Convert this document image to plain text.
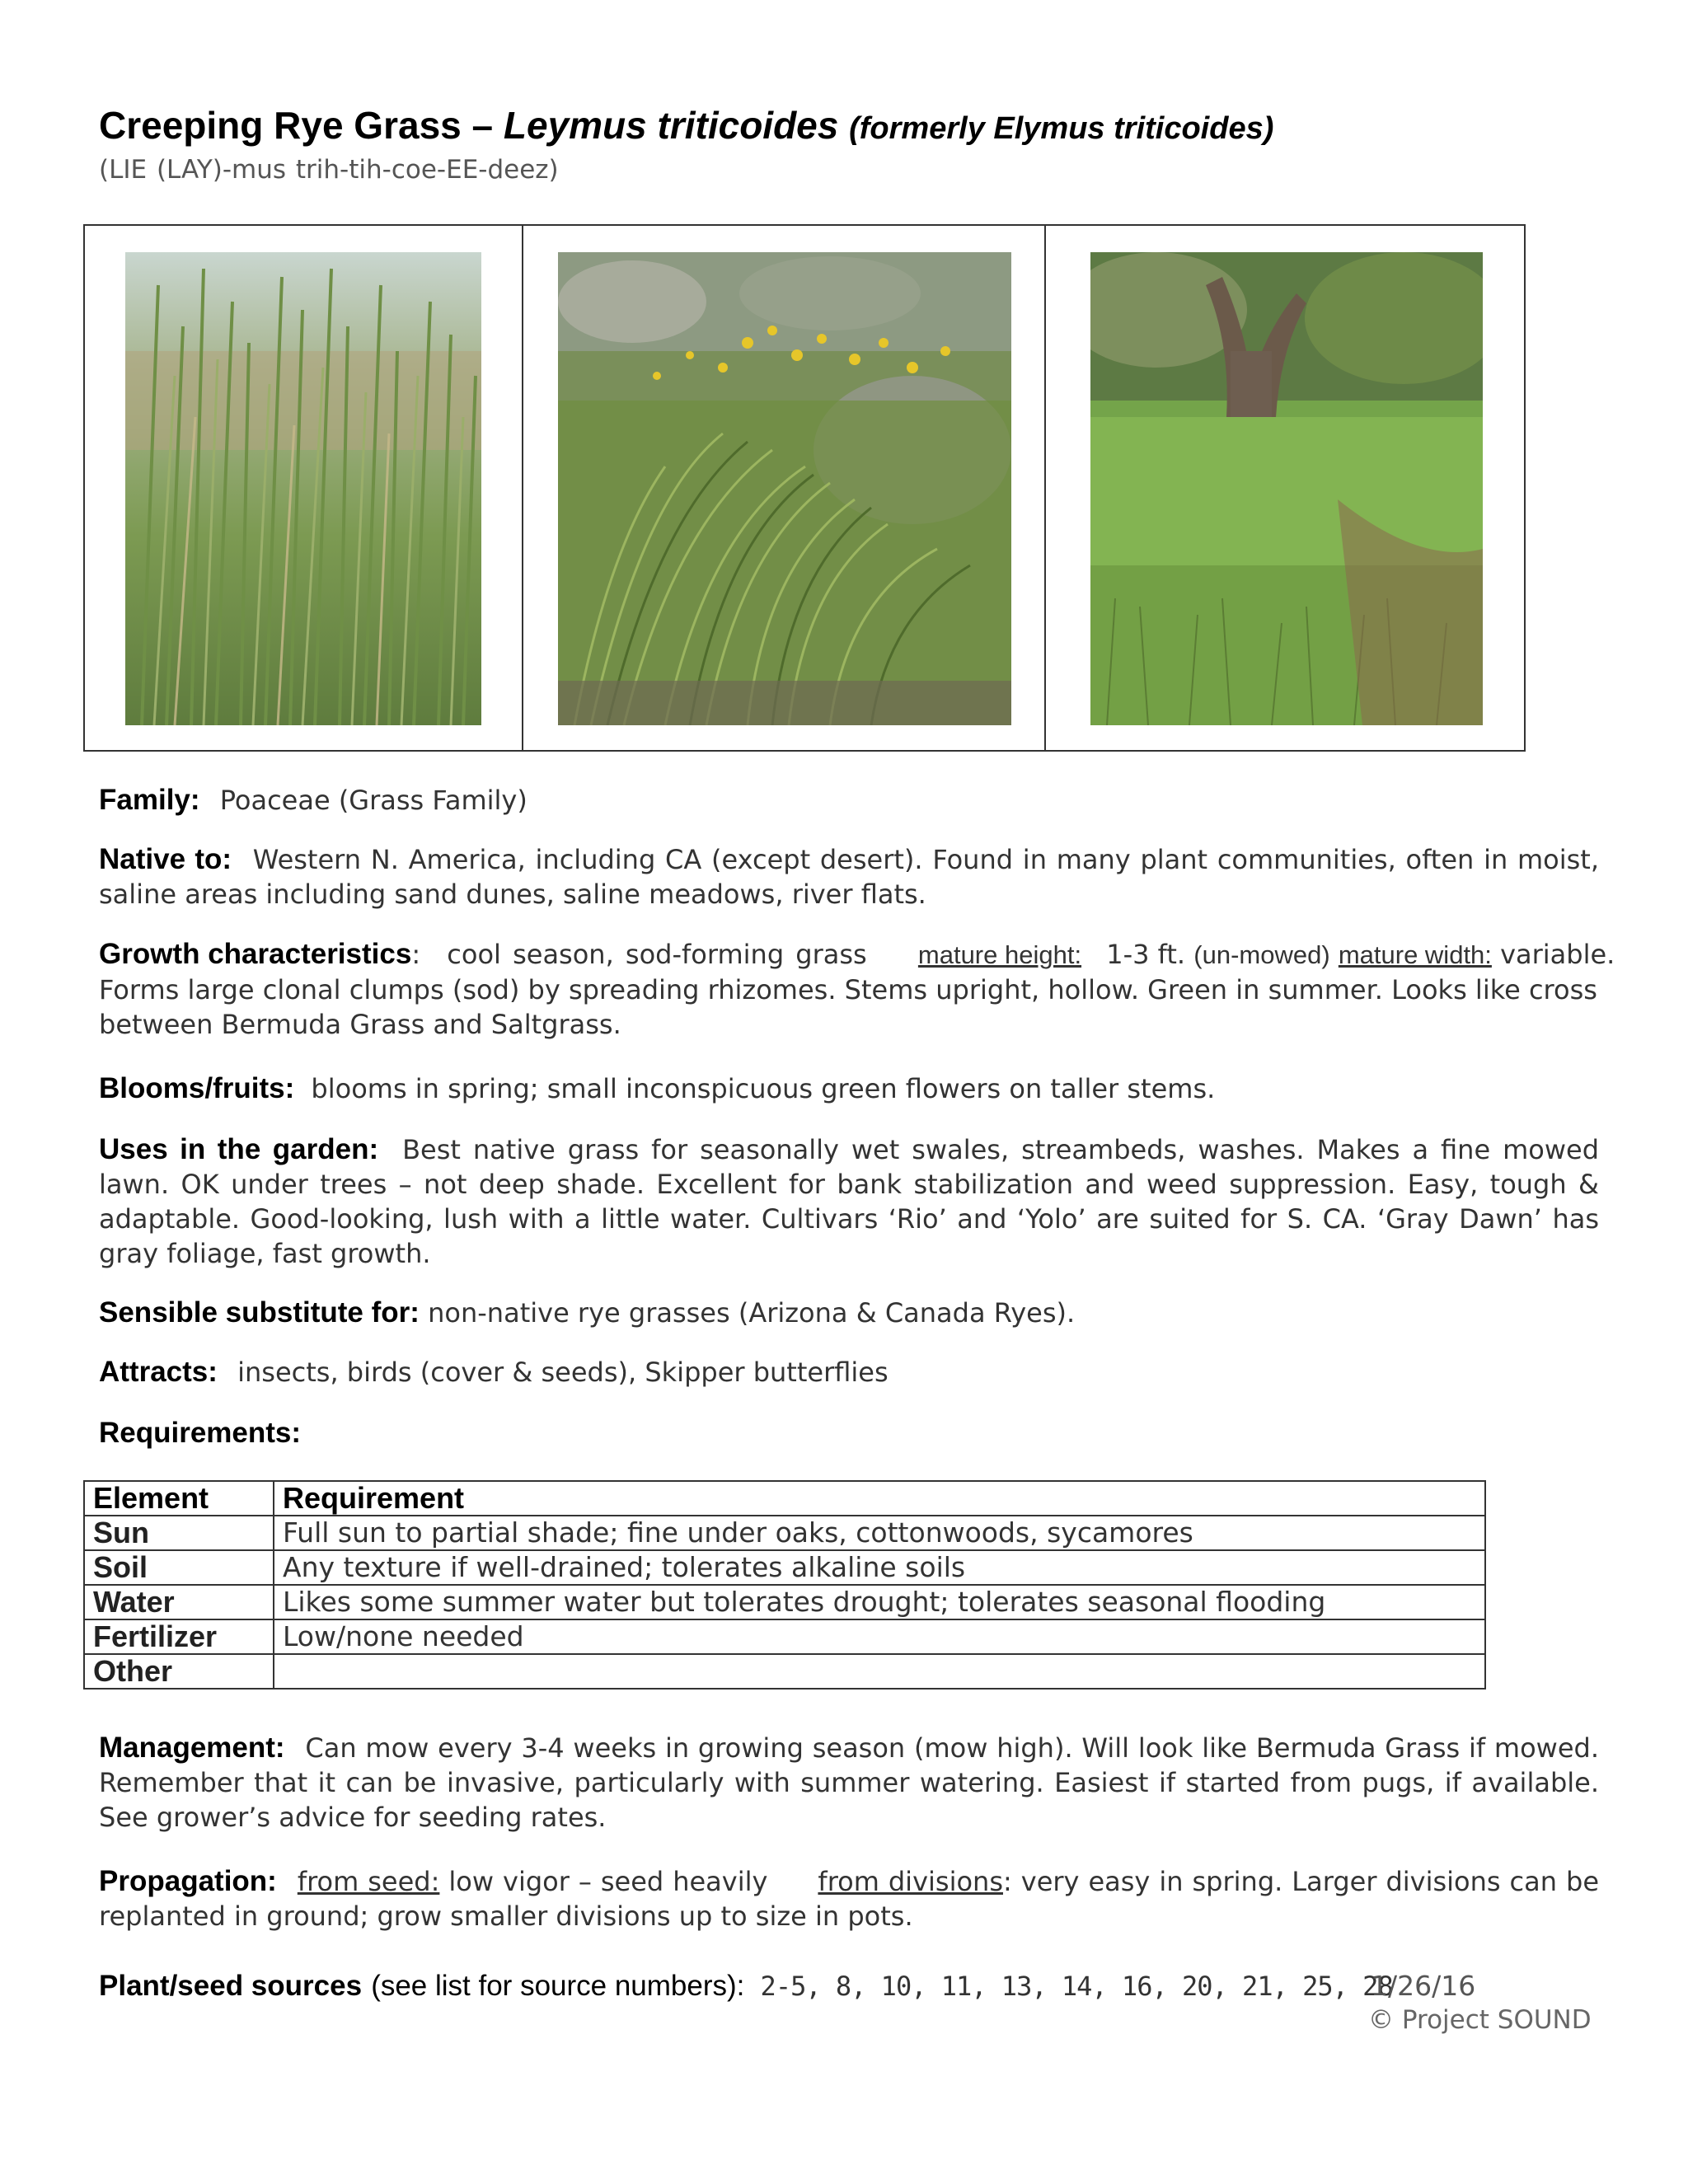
Creeping Rye Grass – Leymus triticoides (formerly Elymus triticoides)
(LIE (LAY)-mus trih-tih-coe-EE-deez)
Family: Poaceae (Grass Family)
Native to: Western N. America, including CA (except desert). Found in many plant communities, often in moist, saline areas including sand dunes, saline meadows, river flats.
Growth characteristics: cool season, sod-forming grass mature height: 1-3 ft. (un-mowed) mature width: variable. Forms large clonal clumps (sod) by spreading rhizomes. Stems upright, hollow. Green in summer. Looks like cross between Bermuda Grass and Saltgrass.
Blooms/fruits: blooms in spring; small inconspicuous green flowers on taller stems.
Uses in the garden: Best native grass for seasonally wet swales, streambeds, washes. Makes a fine mowed lawn. OK under trees – not deep shade. Excellent for bank stabilization and weed suppression. Easy, tough & adaptable. Good-looking, lush with a little water. Cultivars ‘Rio’ and ‘Yolo’ are suited for S. CA. ‘Gray Dawn’ has gray foliage, fast growth.
Sensible substitute for: non-native rye grasses (Arizona & Canada Ryes).
Attracts: insects, birds (cover & seeds), Skipper butterflies
Requirements:
Element	Requirement
Sun	Full sun to partial shade; fine under oaks, cottonwoods, sycamores
Soil	Any texture if well-drained; tolerates alkaline soils
Water	Likes some summer water but tolerates drought; tolerates seasonal flooding
Fertilizer	Low/none needed
Other	
Management: Can mow every 3-4 weeks in growing season (mow high). Will look like Bermuda Grass if mowed. Remember that it can be invasive, particularly with summer watering. Easiest if started from pugs, if available. See grower’s advice for seeding rates.
Propagation: from seed: low vigor – seed heavily from divisions: very easy in spring. Larger divisions can be replanted in ground; grow smaller divisions up to size in pots.
Plant/seed sources (see list for source numbers): 2-5, 8, 10, 11, 13, 14, 16, 20, 21, 25, 28
1/26/16
© Project SOUND
